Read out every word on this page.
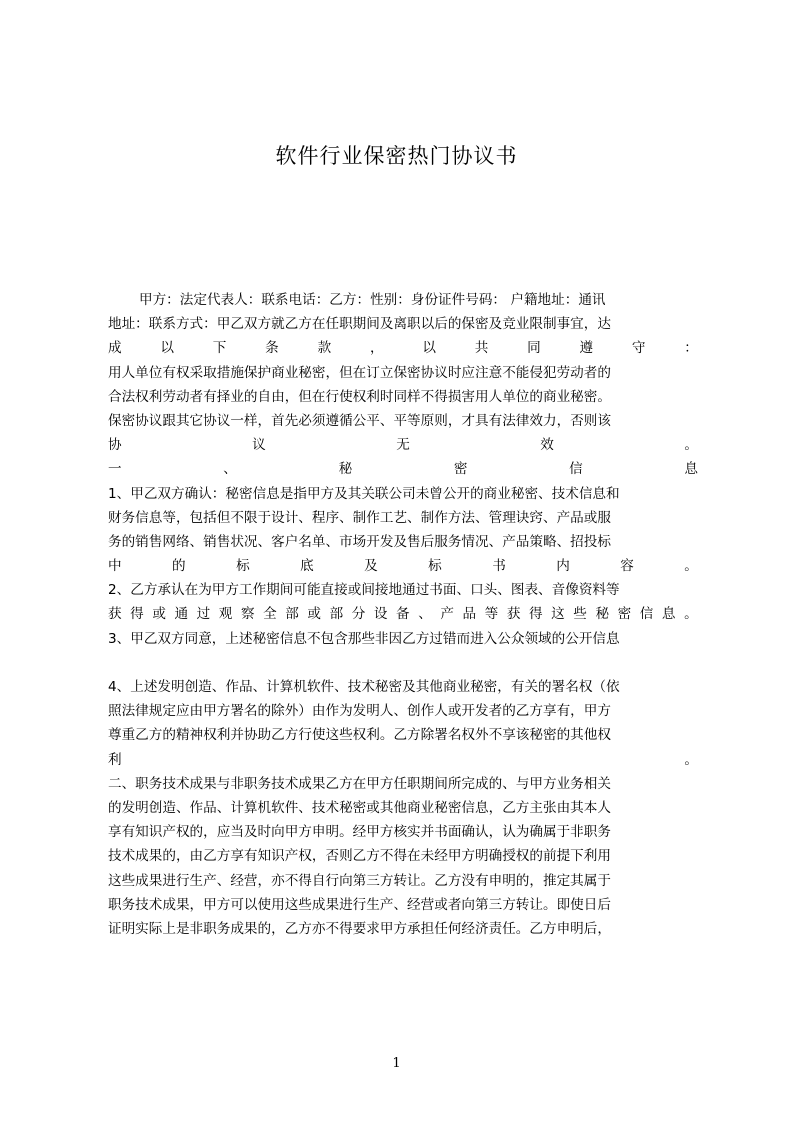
软件行业保密热门协议书

甲方：法定代表人：联系电话：乙方：性别：身份证件号码： 户籍地址：通讯

地址：联系方式：甲乙双方就乙方在任职期间及离职以后的保密及竞业限制事宜，达

成	以	下	条	款	，	以	共	同	遵	守	：

用人单位有权采取措施保护商业秘密，但在订立保密协议时应注意不能侵犯劳动者的

合法权利劳动者有择业的自由，但在行使权利时同样不得损害用人单位的商业秘密。

保密协议跟其它协议一样，首先必须遵循公平、平等原则，才具有法律效力，否则该

协	议	无	效	。

一	、	秘	密	信	息

1、甲乙双方确认：秘密信息是指甲方及其关联公司未曾公开的商业秘密、技术信息和

财务信息等，包括但不限于设计、程序、制作工艺、制作方法、管理诀窍、产品或服

务的销售网络、销售状况、客户名单、市场开发及售后服务情况、产品策略、招投标

中	的	标	底	及	标	书	内	容	。

2、乙方承认在为甲方工作期间可能直接或间接地通过书面、口头、图表、音像资料等

获 得 或 通 过 观 察 全 部 或 部 分 设 备 、 产 品 等 获 得 这 些 秘 密 信 息 。

3、甲乙双方同意，上述秘密信息不包含那些非因乙方过错而进入公众领域的公开信息

4、上述发明创造、作品、计算机软件、技术秘密及其他商业秘密，有关的署名权（依

照法律规定应由甲方署名的除外）由作为发明人、创作人或开发者的乙方享有，甲方

尊重乙方的精神权利并协助乙方行使这些权利。乙方除署名权外不享该秘密的其他权

利	。

二、职务技术成果与非职务技术成果乙方在甲方任职期间所完成的、与甲方业务相关

的发明创造、作品、计算机软件、技术秘密或其他商业秘密信息，乙方主张由其本人

享有知识产权的，应当及时向甲方申明。经甲方核实并书面确认，认为确属于非职务

技术成果的，由乙方享有知识产权，否则乙方不得在未经甲方明确授权的前提下利用

这些成果进行生产、经营，亦不得自行向第三方转让。乙方没有申明的，推定其属于

职务技术成果，甲方可以使用这些成果进行生产、经营或者向第三方转让。即使日后

证明实际上是非职务成果的，乙方亦不得要求甲方承担任何经济责任。乙方申明后，

1
